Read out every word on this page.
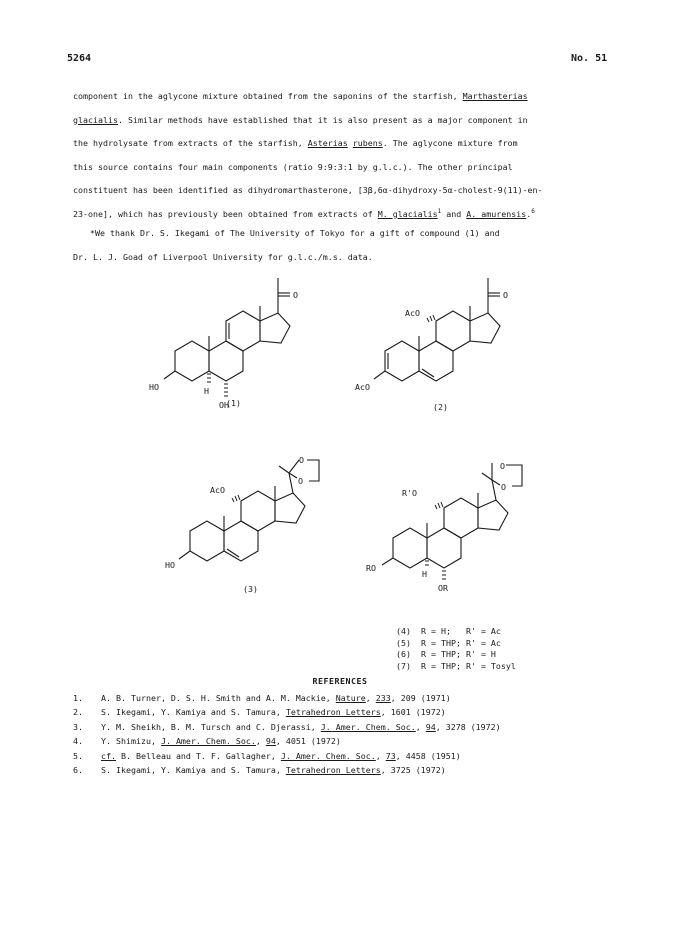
5264	No. 51

component in the aglycone mixture obtained from the saponins of the starfish, Marthasterias

glacialis. Similar methods have established that it is also present as a major component in

the hydrolysate from extracts of the starfish, Asterias rubens. The aglycone mixture from

this source contains four main components (ratio 9:9:3:1 by g.l.c.). The other principal

constituent has been identified as dihydromarthasterone, [3β,6α-dihydroxy-5α-cholest-9(11)-en-

23-one], which has previously been obtained from extracts of M. glacialis$^1$ and A. amurensis.$^6$

*We thank Dr. S. Ikegami of The University of Tokyo for a gift of compound (1) and

Dr. L. J. Goad of Liverpool University for g.l.c./m.s. data.

O
HO	H
OH
(1)
O
AcO
AcO
(2)
O
O
AcO
HO
(3)
O
O
R'O
RO
H
OR
(4) R = H;   R' = Ac
(5) R = THP; R' = Ac
(6) R = THP; R' = H
(7) R = THP; R' = Tosyl
REFERENCES
1. A. B. Turner, D. S. H. Smith and A. M. Mackie, Nature, 233, 209 (1971)
2. S. Ikegami, Y. Kamiya and S. Tamura, Tetrahedron Letters, 1601 (1972)
3. Y. M. Sheikh, B. M. Tursch and C. Djerassi, J. Amer. Chem. Soc., 94, 3278 (1972)
4. Y. Shimizu, J. Amer. Chem. Soc., 94, 4051 (1972)
5. cf. B. Belleau and T. F. Gallagher, J. Amer. Chem. Soc., 73, 4458 (1951)
6. S. Ikegami, Y. Kamiya and S. Tamura, Tetrahedron Letters, 3725 (1972)
